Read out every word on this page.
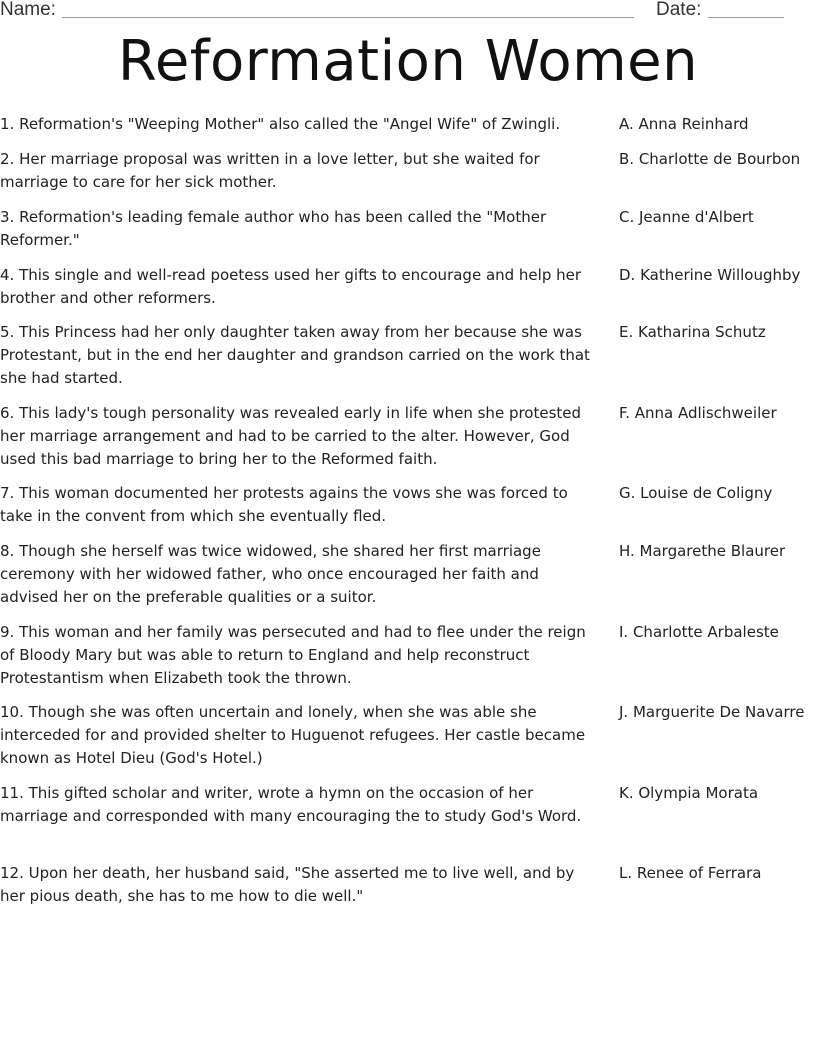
Name:	Date:
Reformation Women
1. Reformation's "Weeping Mother" also called the "Angel Wife" of Zwingli.	A. Anna Reinhard
2. Her marriage proposal was written in a love letter, but she waited for marriage to care for her sick mother.
B. Charlotte de Bourbon
3. Reformation's leading female author who has been called the "Mother Reformer."
C. Jeanne d'Albert
4. This single and well-read poetess used her gifts to encourage and help her brother and other reformers.
D. Katherine Willoughby
5. This Princess had her only daughter taken away from her because she was Protestant, but in the end her daughter and grandson carried on the work that she had started.
E. Katharina Schutz
6. This lady's tough personality was revealed early in life when she protested her marriage arrangement and had to be carried to the alter. However, God used this bad marriage to bring her to the Reformed faith.
F. Anna Adlischweiler
7. This woman documented her protests agains the vows she was forced to take in the convent from which she eventually fled.
G. Louise de Coligny
8. Though she herself was twice widowed, she shared her first marriage ceremony with her widowed father, who once encouraged her faith and advised her on the preferable qualities or a suitor.
H. Margarethe Blaurer
9. This woman and her family was persecuted and had to flee under the reign of Bloody Mary but was able to return to England and help reconstruct Protestantism when Elizabeth took the thrown.
I. Charlotte Arbaleste
10. Though she was often uncertain and lonely, when she was able she interceded for and provided shelter to Huguenot refugees. Her castle became known as Hotel Dieu (God's Hotel.)
J. Marguerite De Navarre
11. This gifted scholar and writer, wrote a hymn on the occasion of her marriage and corresponded with many encouraging the to study God's Word.
K. Olympia Morata
12. Upon her death, her husband said, "She asserted me to live well, and by her pious death, she has to me how to die well."
L. Renee of Ferrara
